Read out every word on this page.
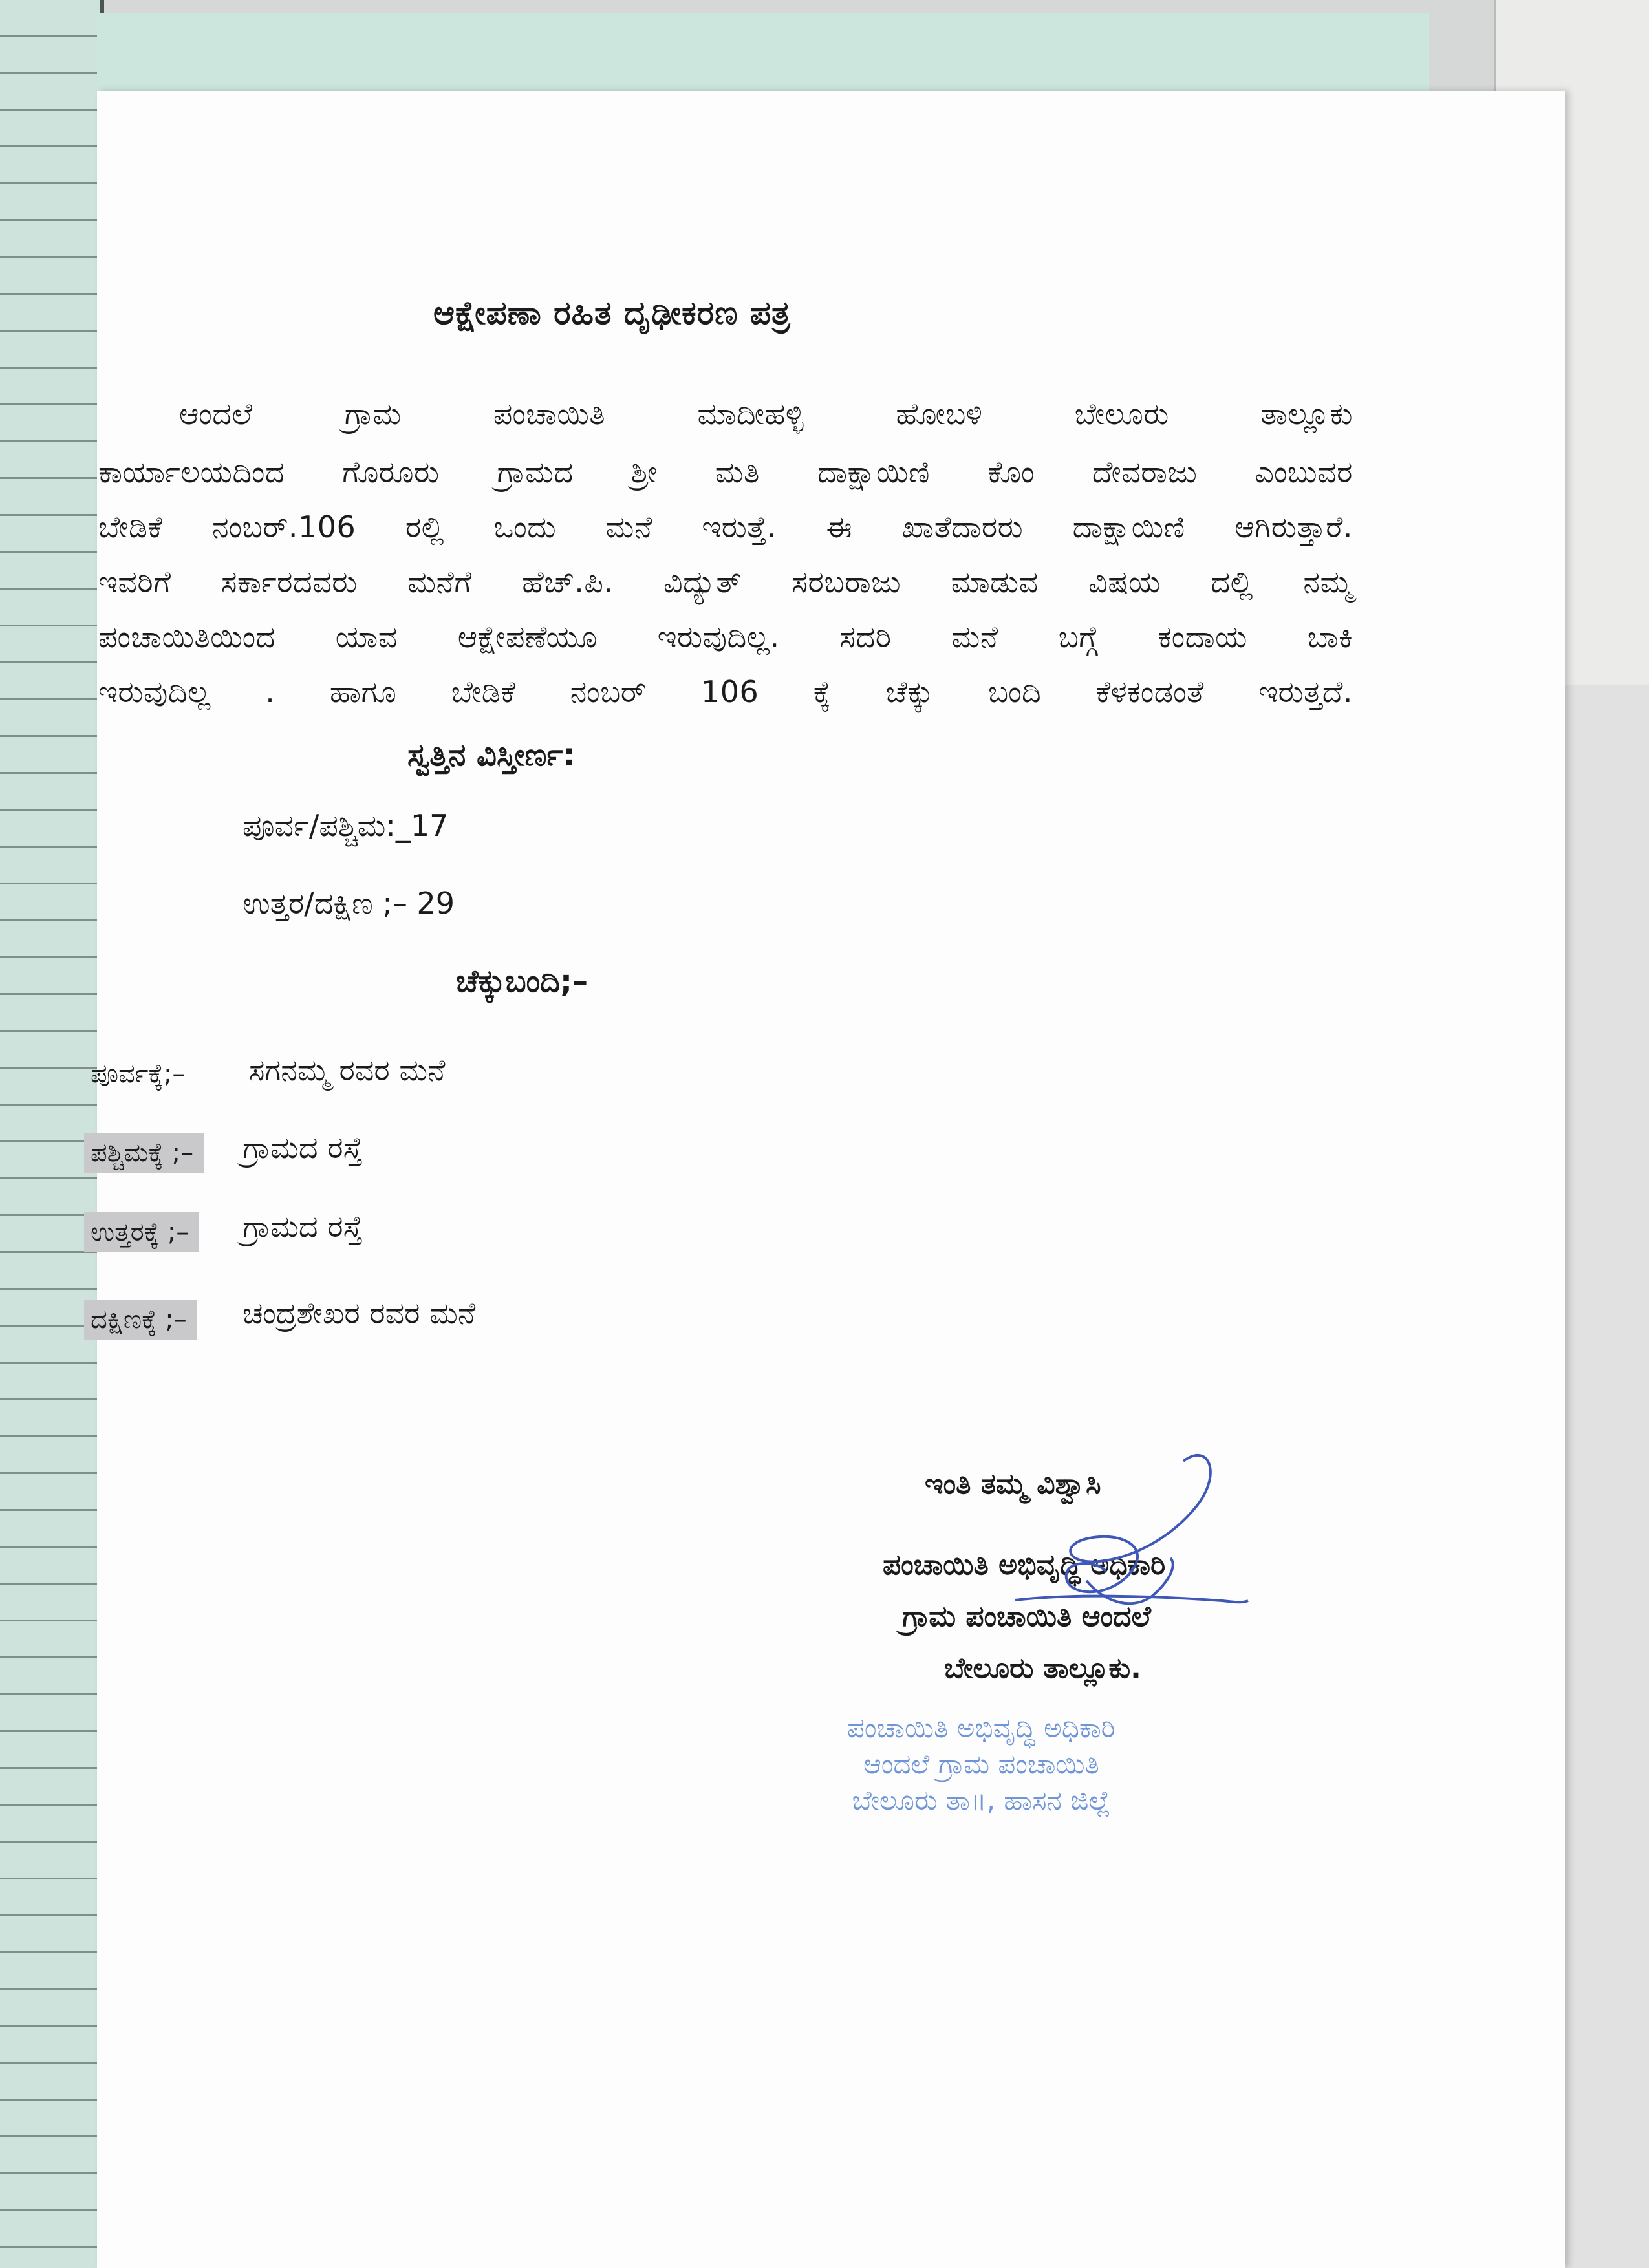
ಆಕ್ಷೇಪಣಾ ರಹಿತ ದೃಢೀಕರಣ ಪತ್ರ
ಆಂದಲೆ ಗ್ರಾಮ ಪಂಚಾಯಿತಿ ಮಾದೀಹಳ್ಳಿ ಹೋಬಳಿ ಬೇಲೂರು ತಾಲ್ಲೂಕು
ಕಾರ್ಯಾಲಯದಿಂದ ಗೊರೂರು ಗ್ರಾಮದ ಶ್ರೀ ಮತಿ ದಾಕ್ಷಾಯಿಣಿ ಕೊಂ ದೇವರಾಜು ಎಂಬುವರ
ಬೇಡಿಕೆ ನಂಬರ್.106 ರಲ್ಲಿ ಒಂದು ಮನೆ ಇರುತ್ತೆ. ಈ ಖಾತೆದಾರರು ದಾಕ್ಷಾಯಿಣಿ ಆಗಿರುತ್ತಾರೆ.
ಇವರಿಗೆ ಸರ್ಕಾರದವರು ಮನೆಗೆ ಹೆಚ್.ಪಿ. ವಿದ್ಯುತ್ ಸರಬರಾಜು ಮಾಡುವ ವಿಷಯ ದಲ್ಲಿ ನಮ್ಮ
ಪಂಚಾಯಿತಿಯಿಂದ ಯಾವ ಆಕ್ಷೇಪಣೆಯೂ ಇರುವುದಿಲ್ಲ. ಸದರಿ ಮನೆ ಬಗ್ಗೆ ಕಂದಾಯ ಬಾಕಿ
ಇರುವುದಿಲ್ಲ . ಹಾಗೂ ಬೇಡಿಕೆ ನಂಬರ್ 106 ಕ್ಕೆ ಚೆಕ್ಕು ಬಂದಿ ಕೆಳಕಂಡಂತೆ ಇರುತ್ತದೆ.
ಸ್ವತ್ತಿನ ವಿಸ್ತೀರ್ಣ:
ಪೂರ್ವ/ಪಶ್ಚಿಮ:_17
ಉತ್ತರ/ದಕ್ಷಿಣ ;– 29
ಚೆಕ್ಕುಬಂದಿ;–
ಪೂರ್ವಕ್ಕೆ;–	ಸಗನಮ್ಮ ರವರ ಮನೆ
ಪಶ್ಚಿಮಕ್ಕೆ ;–	ಗ್ರಾಮದ ರಸ್ತೆ
ಉತ್ತರಕ್ಕೆ ;–	ಗ್ರಾಮದ ರಸ್ತೆ
ದಕ್ಷಿಣಕ್ಕೆ ;–	ಚಂದ್ರಶೇಖರ ರವರ ಮನೆ
ಇಂತಿ ತಮ್ಮ ವಿಶ್ವಾಸಿ
ಪಂಚಾಯಿತಿ ಅಭಿವೃದ್ಧಿ ಅಧಿಕಾರಿ
ಗ್ರಾಮ ಪಂಚಾಯಿತಿ ಆಂದಲೆ
ಬೇಲೂರು ತಾಲ್ಲೂಕು.
ಪಂಚಾಯಿತಿ ಅಭಿವೃದ್ಧಿ ಅಧಿಕಾರಿ
ಆಂದಲೆ ಗ್ರಾಮ ಪಂಚಾಯಿತಿ
ಬೇಲೂರು ತಾ॥, ಹಾಸನ ಜಿಲ್ಲೆ
